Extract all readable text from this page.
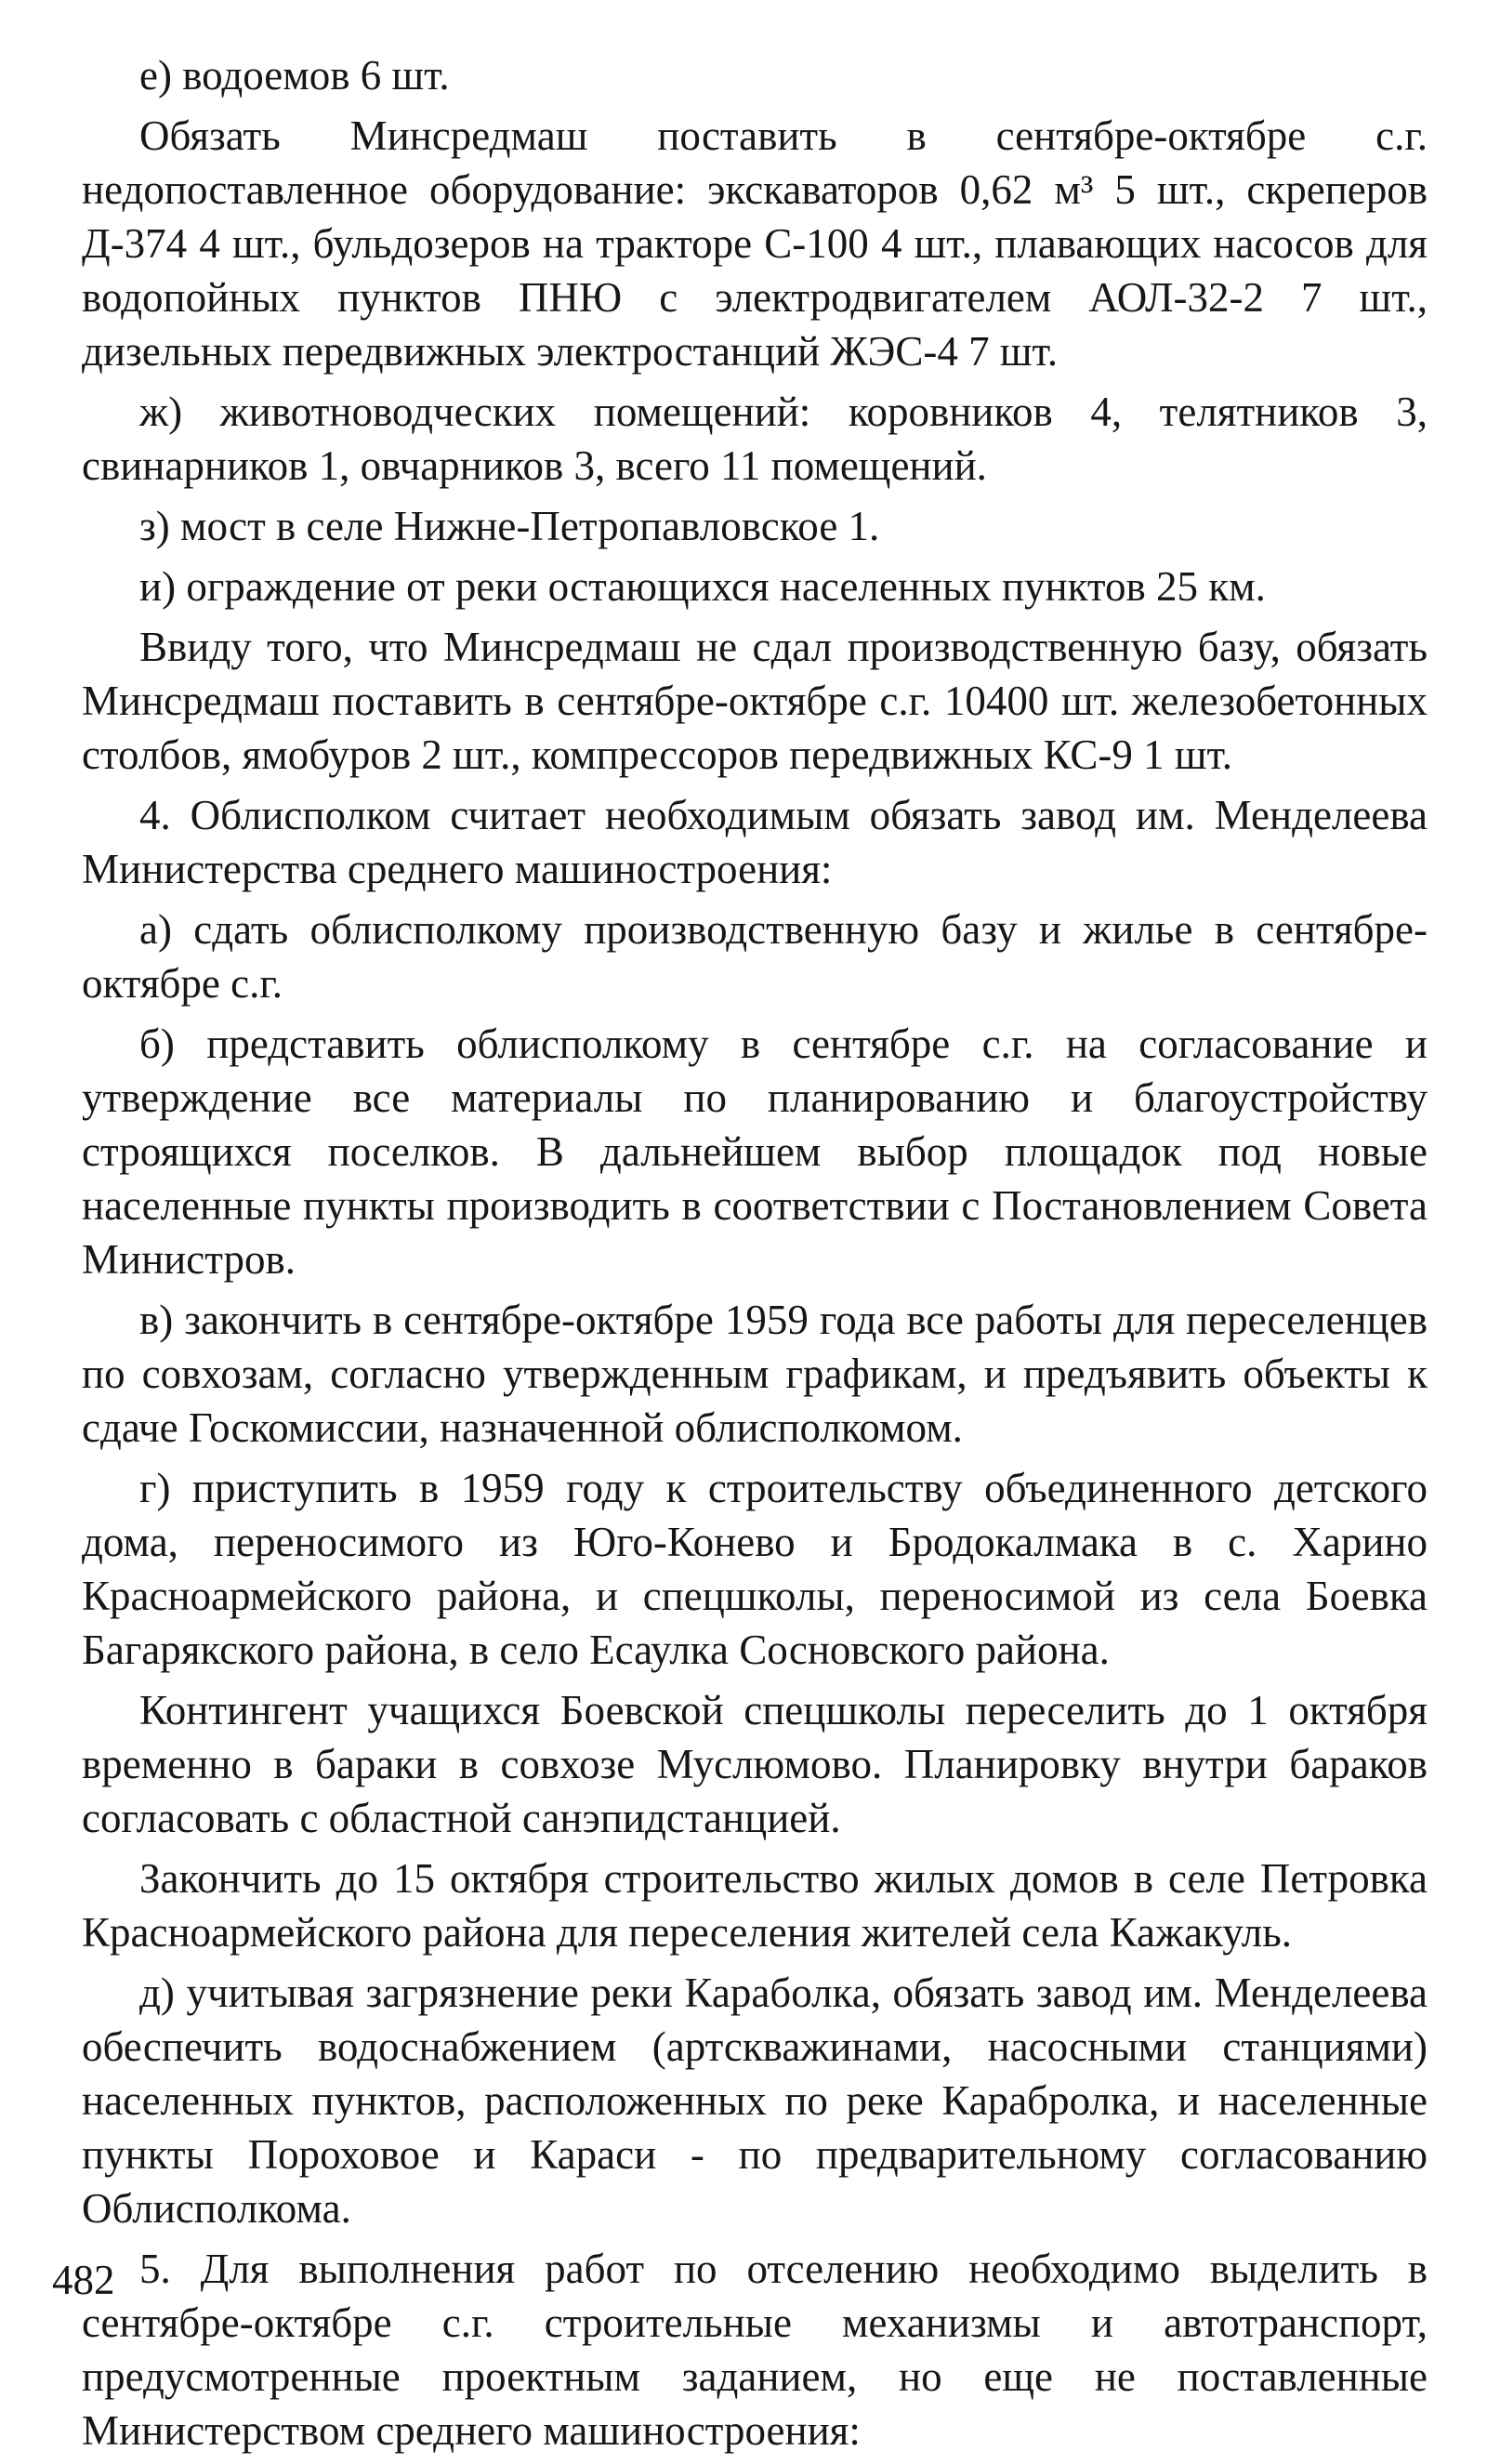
е) водоемов 6 шт.

Обязать Минсредмаш поставить в сентябре-октябре с.г. недопоставленное оборудование: экскаваторов 0,62 м³ 5 шт., скреперов Д-374 4 шт., бульдозеров на тракторе С-100 4 шт., плавающих насосов для водопойных пунктов ПНЮ с электродвигателем АОЛ-32-2 7 шт., дизельных передвижных электростанций ЖЭС-4 7 шт.

ж) животноводческих помещений: коровников 4, телятников 3, свинарников 1, овчарников 3, всего 11 помещений.

з) мост в селе Нижне-Петропавловское 1.

и) ограждение от реки остающихся населенных пунктов 25 км.

Ввиду того, что Минсредмаш не сдал производственную базу, обязать Минсредмаш поставить в сентябре-октябре с.г. 10400 шт. железобетонных столбов, ямобуров 2 шт., компрессоров передвижных КС-9 1 шт.

4. Облисполком считает необходимым обязать завод им. Менделеева Министерства среднего машиностроения:

а) сдать облисполкому производственную базу и жилье в сентябре-октябре с.г.

б) представить облисполкому в сентябре с.г. на согласование и утверждение все материалы по планированию и благоустройству строящихся поселков. В дальнейшем выбор площадок под новые населенные пункты производить в соответствии с Постановлением Совета Министров.

в) закончить в сентябре-октябре 1959 года все работы для переселенцев по совхозам, согласно утвержденным графикам, и предъявить объекты к сдаче Госкомиссии, назначенной облисполкомом.

г) приступить в 1959 году к строительству объединенного детского дома, переносимого из Юго-Конево и Бродокалмака в с. Харино Красноармейского района, и спецшколы, переносимой из села Боевка Багарякского района, в село Есаулка Сосновского района.

Контингент учащихся Боевской спецшколы переселить до 1 октября временно в бараки в совхозе Муслюмово. Планировку внутри бараков согласовать с областной санэпидстанцией.

Закончить до 15 октября строительство жилых домов в селе Петровка Красноармейского района для переселения жителей села Кажакуль.

д) учитывая загрязнение реки Караболка, обязать завод им. Менделеева обеспечить водоснабжением (артскважинами, насосными станциями) населенных пунктов, расположенных по реке Карабролка, и населенные пункты Пороховое и Караси - по предварительному согласованию Облисполкома.

5. Для выполнения работ по отселению необходимо выделить в сентябре-октябре с.г. строительные механизмы и автотранспорт, предусмотренные проектным заданием, но еще не поставленные Министерством среднего машиностроения:

482
